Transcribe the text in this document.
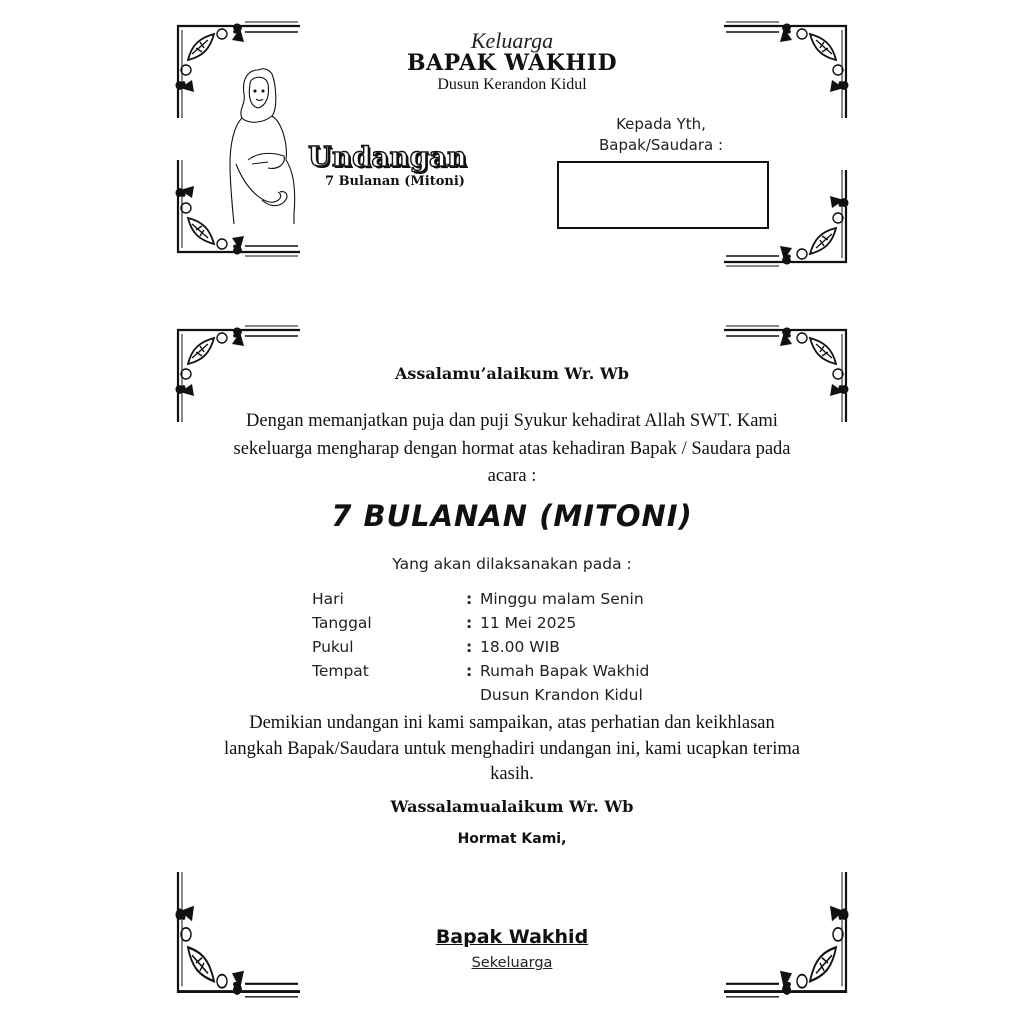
Keluarga
BAPAK WAKHID
Dusun Kerandon Kidul
Undangan
7 Bulanan (Mitoni)
Kepada Yth,
Bapak/Saudara :
Assalamu’alaikum Wr. Wb
Dengan memanjatkan puja dan puji Syukur kehadirat Allah SWT. Kami sekeluarga mengharap dengan hormat atas kehadiran Bapak / Saudara pada acara :
7 BULANAN (MITONI)
Yang akan dilaksanakan pada :
Hari	: Minggu malam Senin
Tanggal	: 11 Mei 2025
Pukul	: 18.00 WIB
Tempat	: Rumah Bapak Wakhid
Dusun Krandon Kidul
Demikian undangan ini kami sampaikan, atas perhatian dan keikhlasan langkah Bapak/Saudara untuk menghadiri undangan ini, kami ucapkan terima kasih.
Wassalamualaikum Wr. Wb
Hormat Kami,
Bapak Wakhid
Sekeluarga
